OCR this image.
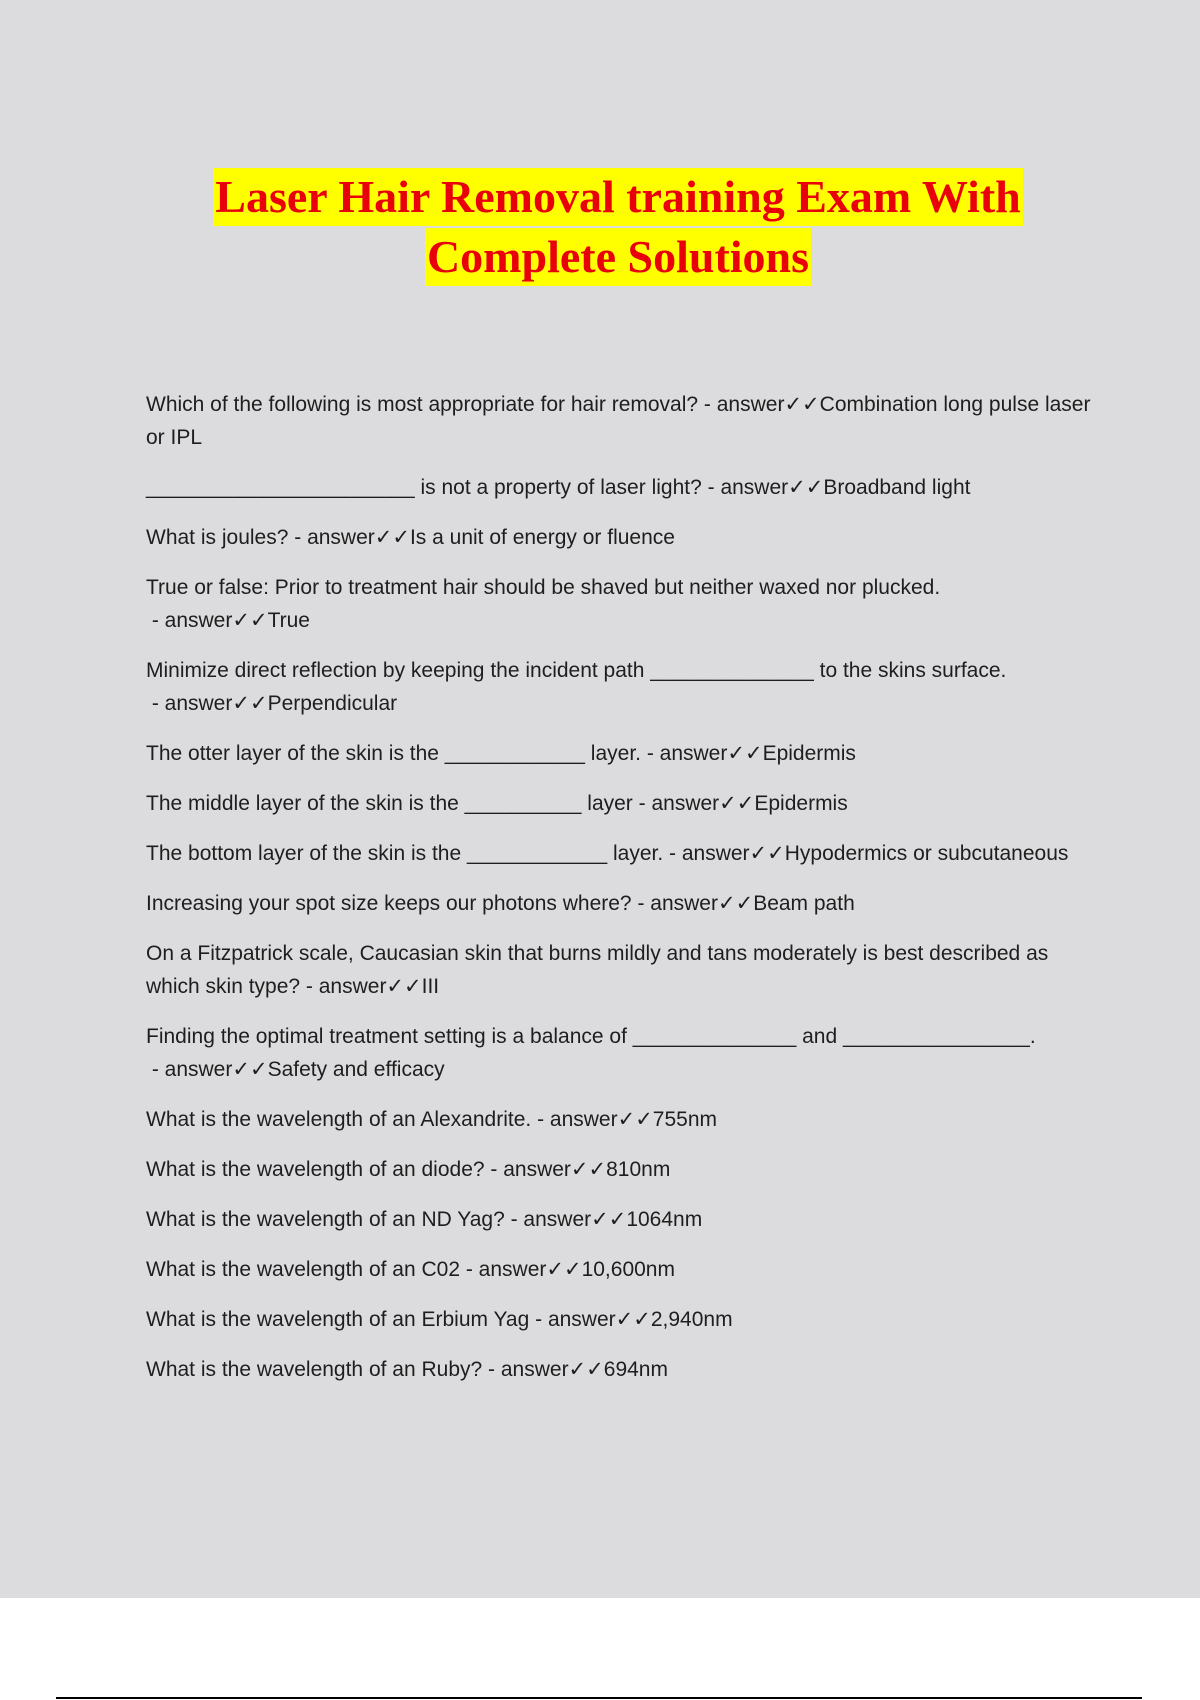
Laser Hair Removal training Exam With
Complete Solutions
Which of the following is most appropriate for hair removal? - answer✓✓Combination long pulse laser or IPL
_______________________ is not a property of laser light? - answer✓✓Broadband light
What is joules? - answer✓✓Is a unit of energy or fluence
True or false: Prior to treatment hair should be shaved but neither waxed nor plucked. - answer✓✓True
Minimize direct reflection by keeping the incident path ______________ to the skins surface. - answer✓✓Perpendicular
The otter layer of the skin is the ____________ layer. - answer✓✓Epidermis
The middle layer of the skin is the __________ layer - answer✓✓Epidermis
The bottom layer of the skin is the ____________ layer. - answer✓✓Hypodermics or subcutaneous
Increasing your spot size keeps our photons where? - answer✓✓Beam path
On a Fitzpatrick scale, Caucasian skin that burns mildly and tans moderately is best described as which skin type? - answer✓✓III
Finding the optimal treatment setting is a balance of ______________ and ________________. - answer✓✓Safety and efficacy
What is the wavelength of an Alexandrite. - answer✓✓755nm
What is the wavelength of an diode? - answer✓✓810nm
What is the wavelength of an ND Yag? - answer✓✓1064nm
What is the wavelength of an C02 - answer✓✓10,600nm
What is the wavelength of an Erbium Yag - answer✓✓2,940nm
What is the wavelength of an Ruby? - answer✓✓694nm
